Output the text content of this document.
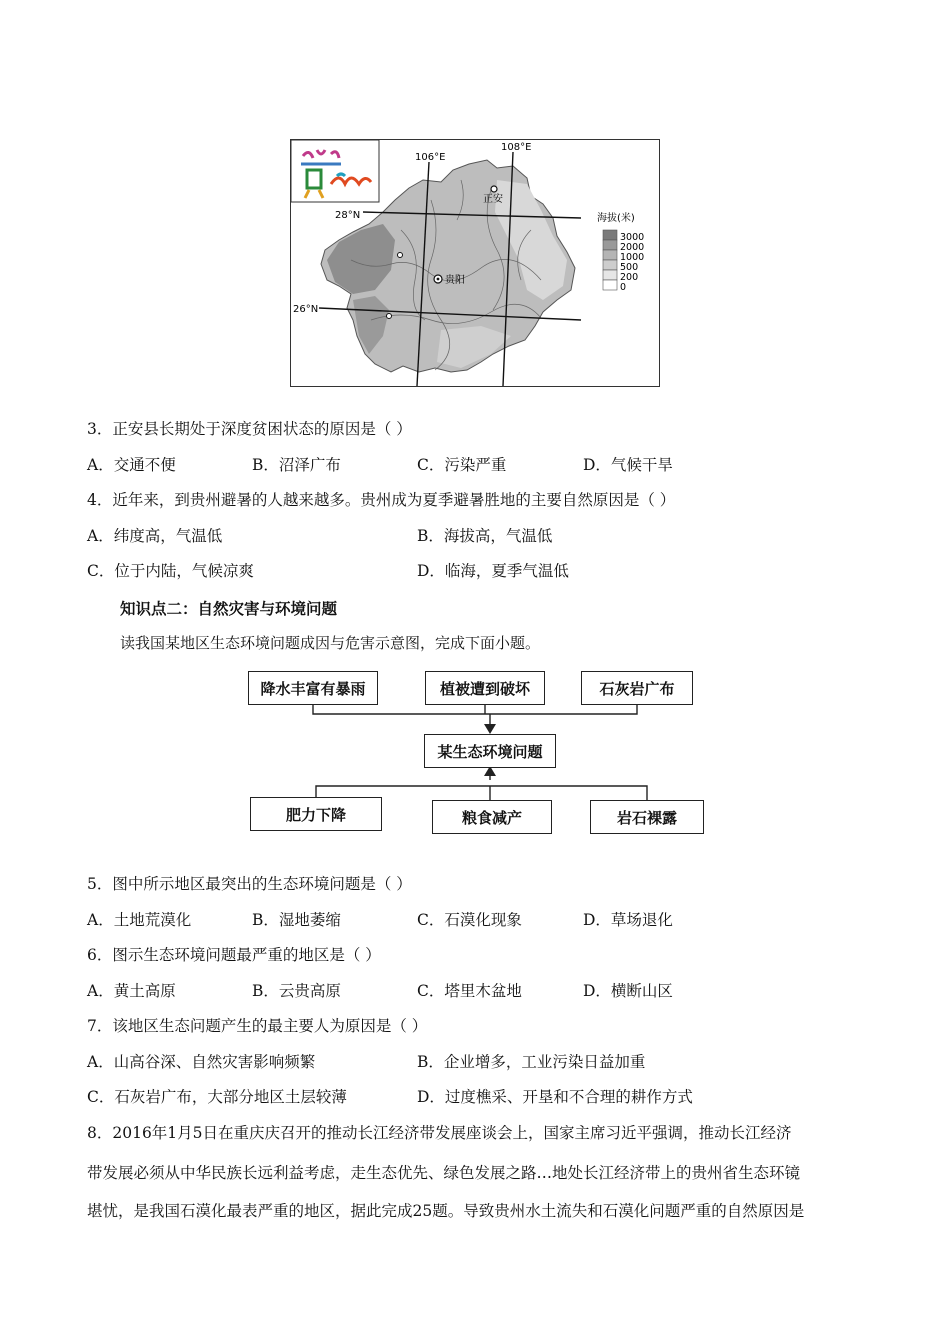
106°E
108°E
28°N
26°N
正安
贵阳
海拔(米)
3000
2000
1000
500
200
0
3．正安县长期处于深度贫困状态的原因是（ ）
A．交通不便	B．沼泽广布	C．污染严重	D．气候干旱
4．近年来，到贵州避暑的人越来越多。贵州成为夏季避暑胜地的主要自然原因是（ ）
A．纬度高，气温低	B．海拔高，气温低
C．位于内陆，气候凉爽	D．临海，夏季气温低
知识点二：自然灾害与环境问题
读我国某地区生态环境问题成因与危害示意图，完成下面小题。
降水丰富有暴雨	植被遭到破坏	石灰岩广布
某生态环境问题
肥力下降	粮食减产	岩石裸露
5．图中所示地区最突出的生态环境问题是（ ）
A．土地荒漠化	B．湿地萎缩	C．石漠化现象	D．草场退化
6．图示生态环境问题最严重的地区是（ ）
A．黄土高原	B．云贵高原	C．塔里木盆地	D．横断山区
7．该地区生态问题产生的最主要人为原因是（ ）
A．山高谷深、自然灾害影响频繁	B．企业增多，工业污染日益加重
C．石灰岩广布，大部分地区土层较薄	D．过度樵采、开垦和不合理的耕作方式
8．2016年1月5日在重庆庆召开的推动长江经济带发展座谈会上，国家主席习近平强调，推动长江经济
带发展必须从中华民族长远利益考虑，走生态优先、绿色发展之路…地处长江经济带上的贵州省生态环镜
堪忧，是我国石漠化最表严重的地区，据此完成25题。导致贵州水土流失和石漠化问题严重的自然原因是
